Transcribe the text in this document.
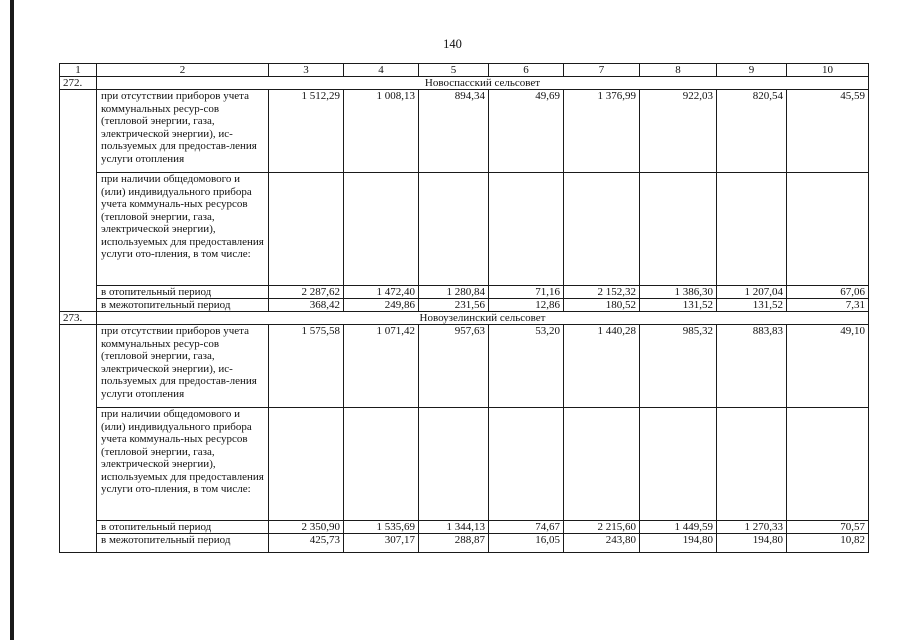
140
1	2	3	4	5	6	7	8	9	10
272.	Новоспасский сельсовет								
	при отсутствии приборов учета коммунальных ресур-сов (тепловой энергии, газа, электрической энергии), ис-пользуемых для предостав-ления услуги отопления	1 512,29	1 008,13	894,34	49,69	1 376,99	922,03	820,54	45,59
	при наличии общедомового и (или) индивидуального прибора учета коммуналь-ных ресурсов (тепловой энергии, газа, электрической энергии), используемых для предоставления услуги ото-пления, в том числе:								
	в отопительный период	2 287,62	1 472,40	1 280,84	71,16	2 152,32	1 386,30	1 207,04	67,06
	в межотопительный период	368,42	249,86	231,56	12,86	180,52	131,52	131,52	7,31
273.	Новоузелинский сельсовет								
	при отсутствии приборов учета коммунальных ресур-сов (тепловой энергии, газа, электрической энергии), ис-пользуемых для предостав-ления услуги отопления	1 575,58	1 071,42	957,63	53,20	1 440,28	985,32	883,83	49,10
	при наличии общедомового и (или) индивидуального прибора учета коммуналь-ных ресурсов (тепловой энергии, газа, электрической энергии), используемых для предоставления услуги ото-пления, в том числе:								
	в отопительный период	2 350,90	1 535,69	1 344,13	74,67	2 215,60	1 449,59	1 270,33	70,57
	в межотопительный период	425,73	307,17	288,87	16,05	243,80	194,80	194,80	10,82
